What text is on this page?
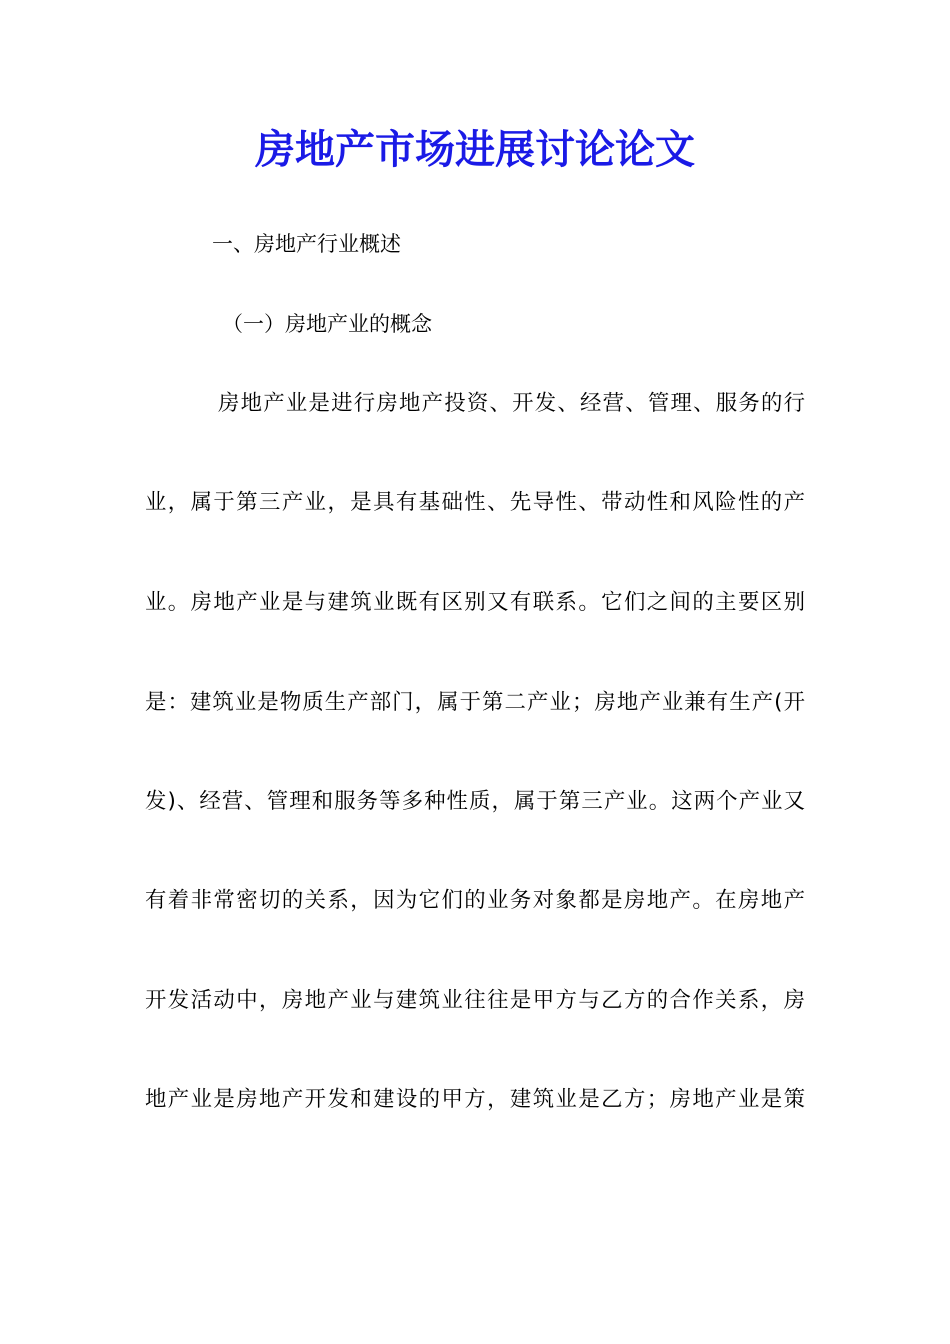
房地产市场进展讨论论文

一、房地产行业概述

（一）房地产业的概念

房地产业是进行房地产投资、开发、经营、管理、服务的行

业，属于第三产业，是具有基础性、先导性、带动性和风险性的产

业。房地产业是与建筑业既有区别又有联系。它们之间的主要区别

是：建筑业是物质生产部门，属于第二产业；房地产业兼有生产(开

发)、经营、管理和服务等多种性质，属于第三产业。这两个产业又

有着非常密切的关系，因为它们的业务对象都是房地产。在房地产

开发活动中，房地产业与建筑业往往是甲方与乙方的合作关系，房

地产业是房地产开发和建设的甲方，建筑业是乙方；房地产业是策
